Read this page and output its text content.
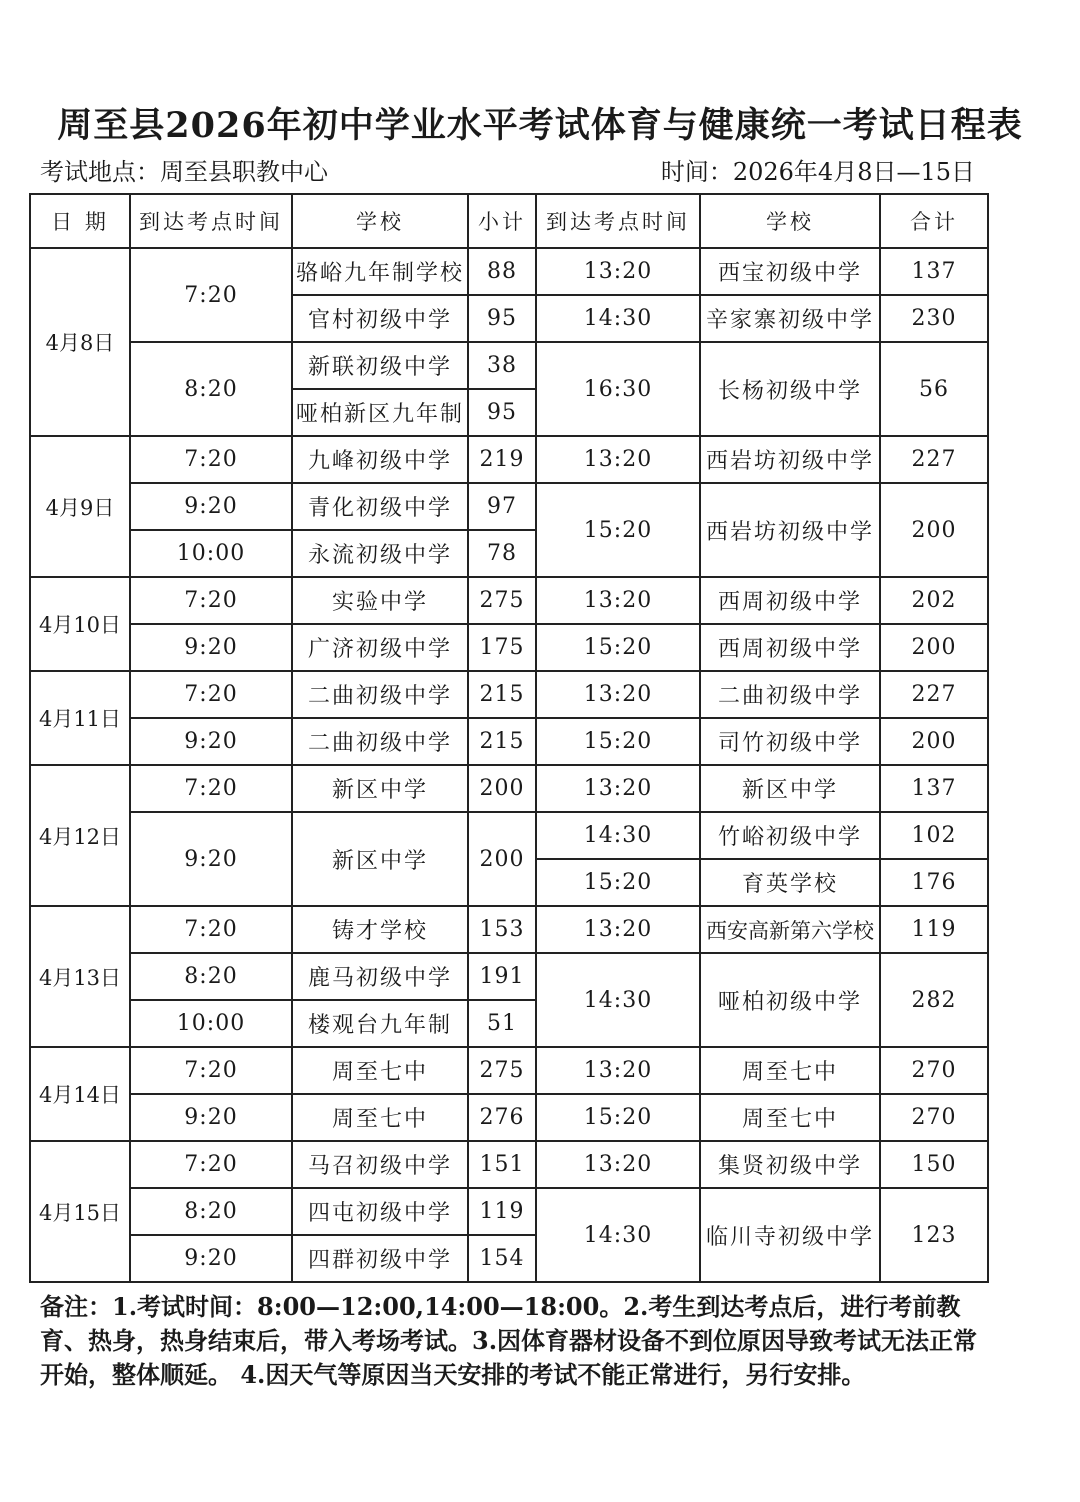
周至县2026年初中学业水平考试体育与健康统一考试日程表
考试地点：周至县职教中心	时间：2026年4月8日—15日
日 期	到达考点时间	学校	小计	到达考点时间	学校	合计
4月8日	7:20	骆峪九年制学校	88	13:20	西宝初级中学	137
		官村初级中学	95	14:30	辛家寨初级中学	230
	8:20	新联初级中学	38	16:30	长杨初级中学	56
		哑柏新区九年制	95			
4月9日	7:20	九峰初级中学	219	13:20	西岩坊初级中学	227
	9:20	青化初级中学	97	15:20	西岩坊初级中学	200
	10:00	永流初级中学	78			
4月10日	7:20	实验中学	275	13:20	西周初级中学	202
	9:20	广济初级中学	175	15:20	西周初级中学	200
4月11日	7:20	二曲初级中学	215	13:20	二曲初级中学	227
	9:20	二曲初级中学	215	15:20	司竹初级中学	200
4月12日	7:20	新区中学	200	13:20	新区中学	137
	9:20	新区中学	200	14:30	竹峪初级中学	102
				15:20	育英学校	176
4月13日	7:20	铸才学校	153	13:20	西安高新第六学校	119
	8:20	鹿马初级中学	191	14:30	哑柏初级中学	282
	10:00	楼观台九年制	51			
4月14日	7:20	周至七中	275	13:20	周至七中	270
	9:20	周至七中	276	15:20	周至七中	270
4月15日	7:20	马召初级中学	151	13:20	集贤初级中学	150
	8:20	四屯初级中学	119	14:30	临川寺初级中学	123
	9:20	四群初级中学	154			
备注：1.考试时间：8:00—12:00,14:00—18:00。2.考生到达考点后，进行考前教育、热身，热身结束后，带入考场考试。3.因体育器材设备不到位原因导致考试无法正常开始，整体顺延。 4.因天气等原因当天安排的考试不能正常进行，另行安排。
